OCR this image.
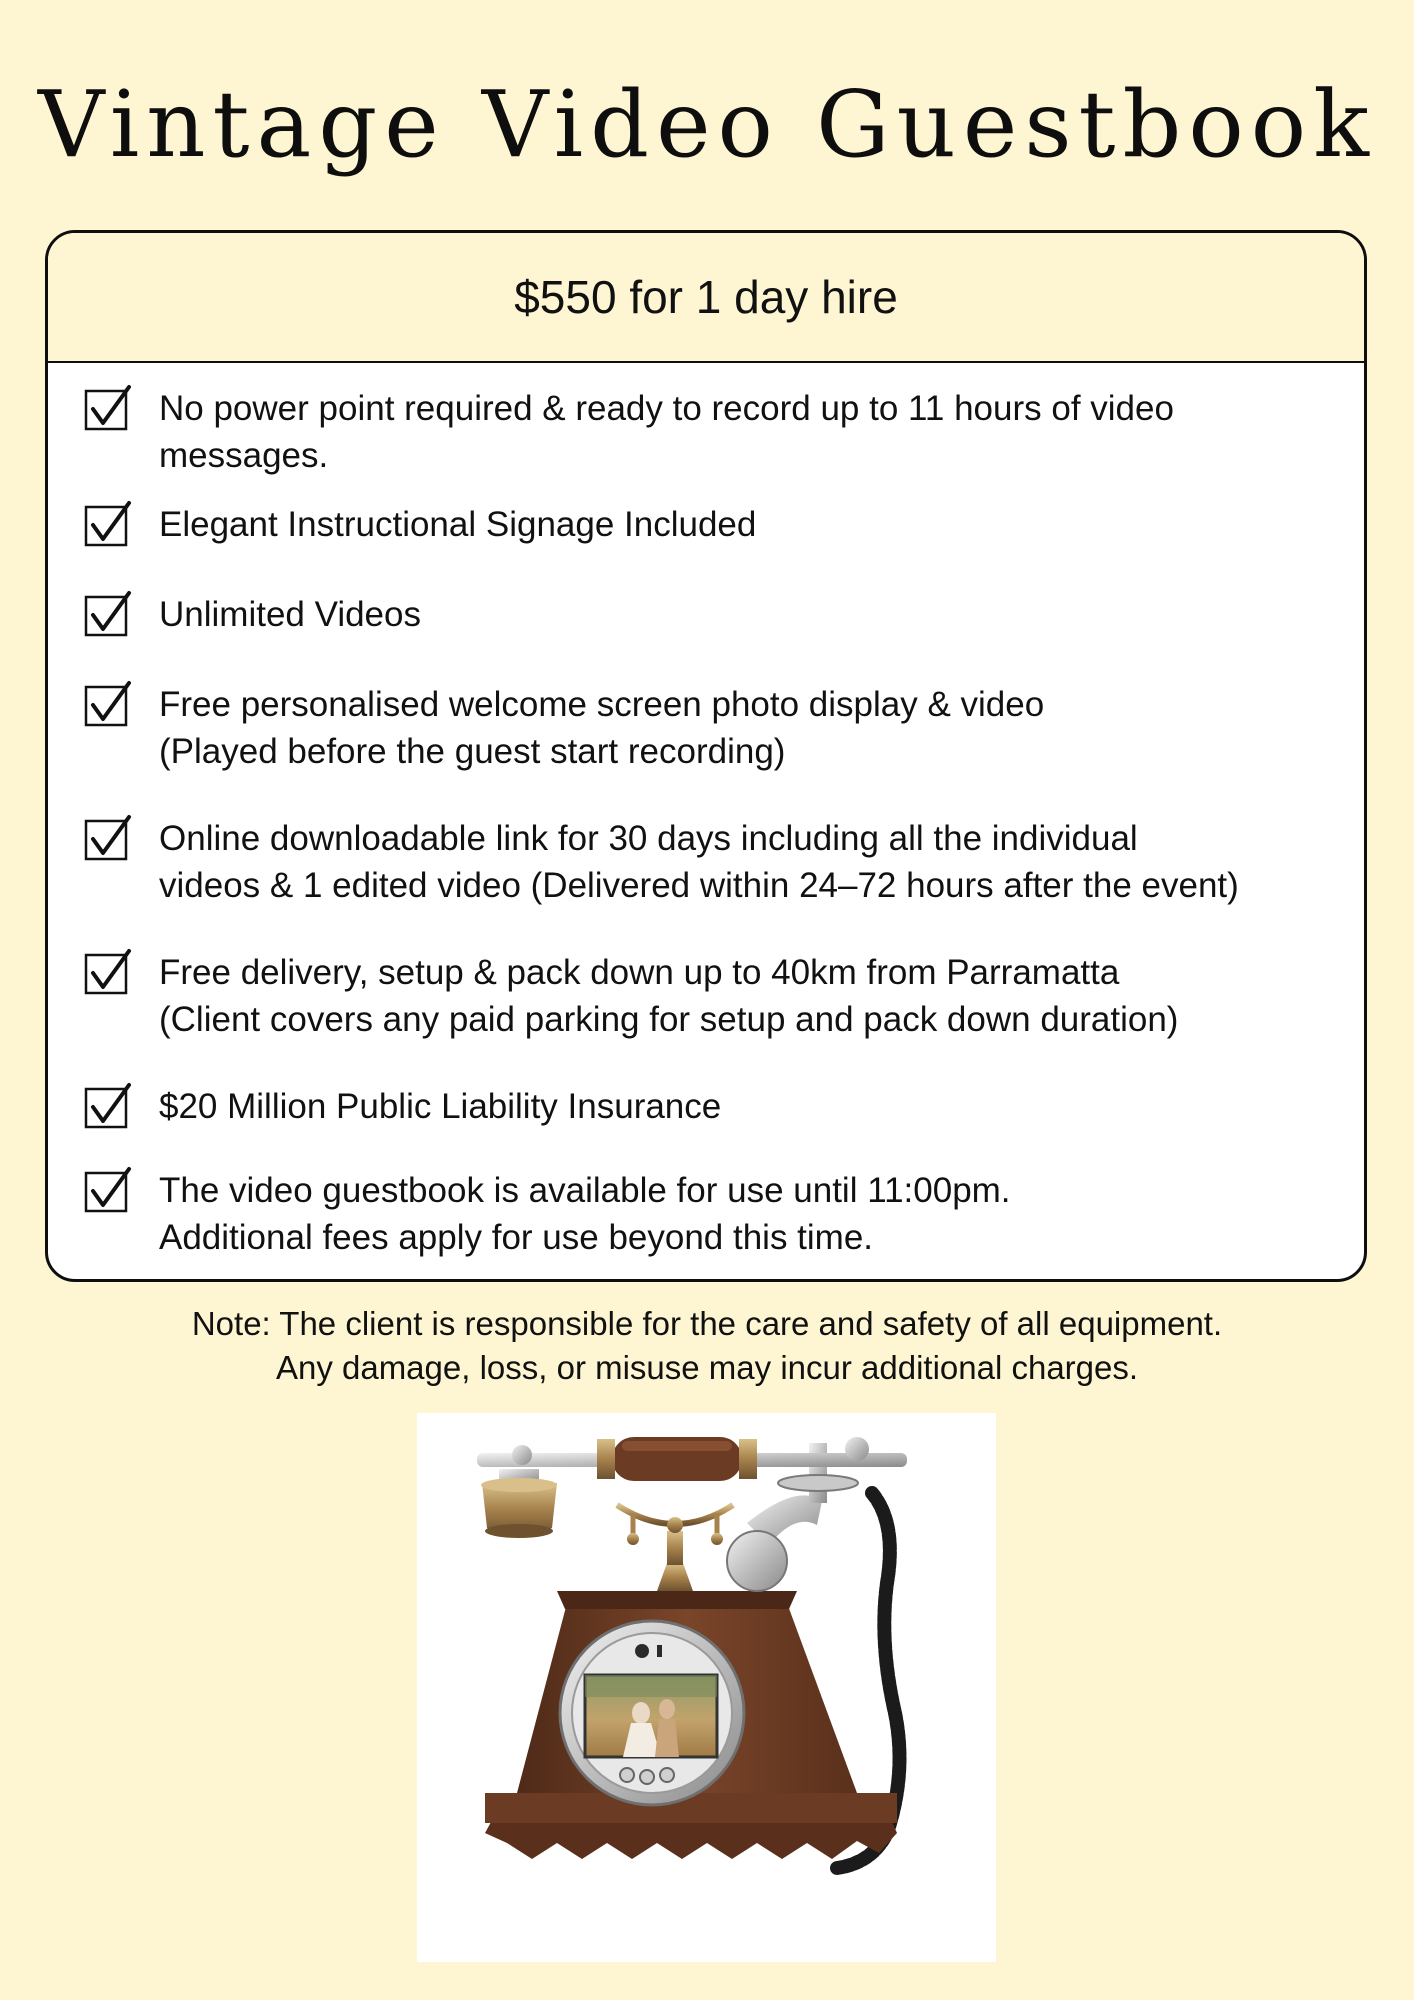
Vintage Video Guestbook
$550 for 1 day hire
No power point required & ready to record up to 11 hours of video
messages.
Elegant Instructional Signage Included
Unlimited Videos
Free personalised welcome screen photo display & video
(Played before the guest start recording)
Online downloadable link for 30 days including all the individual
videos & 1 edited video (Delivered within 24–72 hours after the event)
Free delivery, setup & pack down up to 40km from Parramatta
(Client covers any paid parking for setup and pack down duration)
$20 Million Public Liability Insurance
The video guestbook is available for use until 11:00pm.
Additional fees apply for use beyond this time.
Note: The client is responsible for the care and safety of all equipment.
Any damage, loss, or misuse may incur additional charges.
